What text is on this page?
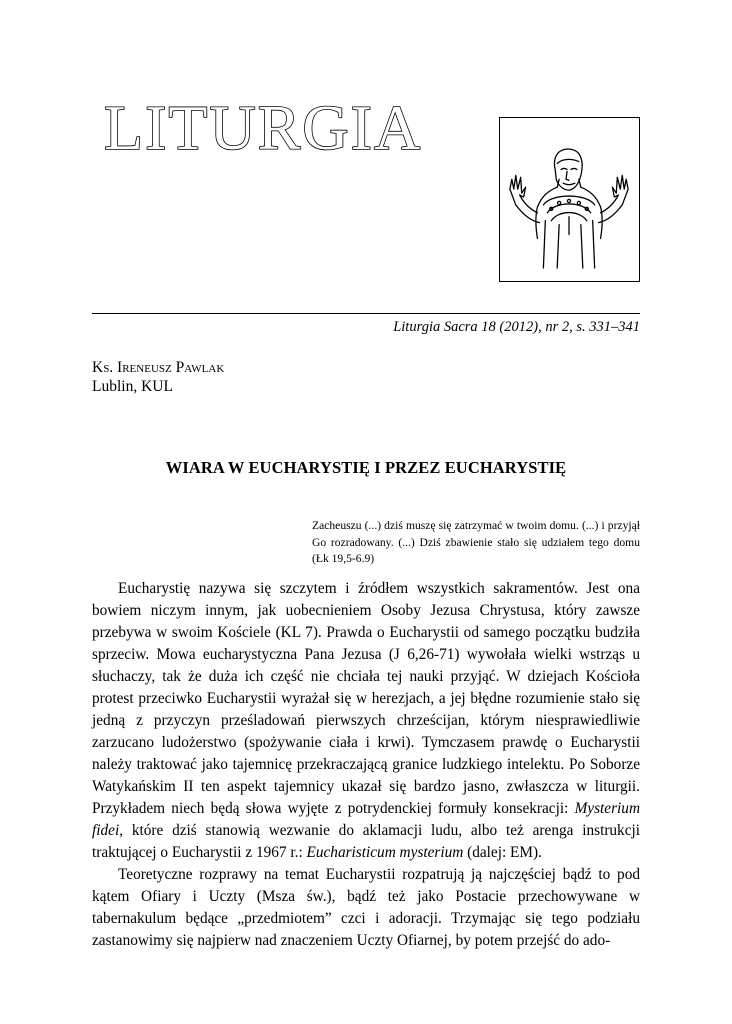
LITURGIA
Liturgia Sacra 18 (2012), nr 2, s. 331–341
Ks. Ireneusz Pawlak
Lublin, KUL
WIARA W EUCHARYSTIĘ I PRZEZ EUCHARYSTIĘ
Zacheuszu (...) dziś muszę się zatrzymać w twoim domu. (...) i przyjął Go rozradowany. (...) Dziś zbawienie stało się udziałem tego domu (Łk 19,5-6.9)

Eucharystię nazywa się szczytem i źródłem wszystkich sakramentów. Jest ona bowiem niczym innym, jak uobecnieniem Osoby Jezusa Chrystusa, który zawsze przebywa w swoim Kościele (KL 7). Prawda o Eucharystii od samego początku budziła sprzeciw. Mowa eucharystyczna Pana Jezusa (J 6,26-71) wywołała wielki wstrząs u słuchaczy, tak że duża ich część nie chciała tej nauki przyjąć. W dziejach Kościoła protest przeciwko Eucharystii wyrażał się w herezjach, a jej błędne rozumienie stało się jedną z przyczyn prześladowań pierwszych chrześcijan, którym niesprawiedliwie zarzucano ludożerstwo (spożywanie ciała i krwi). Tymczasem prawdę o Eucharystii należy traktować jako tajemnicę przekraczającą granice ludzkiego intelektu. Po Soborze Watykańskim II ten aspekt tajemnicy ukazał się bardzo jasno, zwłaszcza w liturgii. Przykładem niech będą słowa wyjęte z potrydenckiej formuły konsekracji: Mysterium fidei, które dziś stanowią wezwanie do aklamacji ludu, albo też arenga instrukcji traktującej o Eucharystii z 1967 r.: Eucharisticum mysterium (dalej: EM).

Teoretyczne rozprawy na temat Eucharystii rozpatrują ją najczęściej bądź to pod kątem Ofiary i Uczty (Msza św.), bądź też jako Postacie przechowywane w tabernakulum będące „przedmiotem” czci i adoracji. Trzymając się tego podziału zastanowimy się najpierw nad znaczeniem Uczty Ofiarnej, by potem przejść do ado-
